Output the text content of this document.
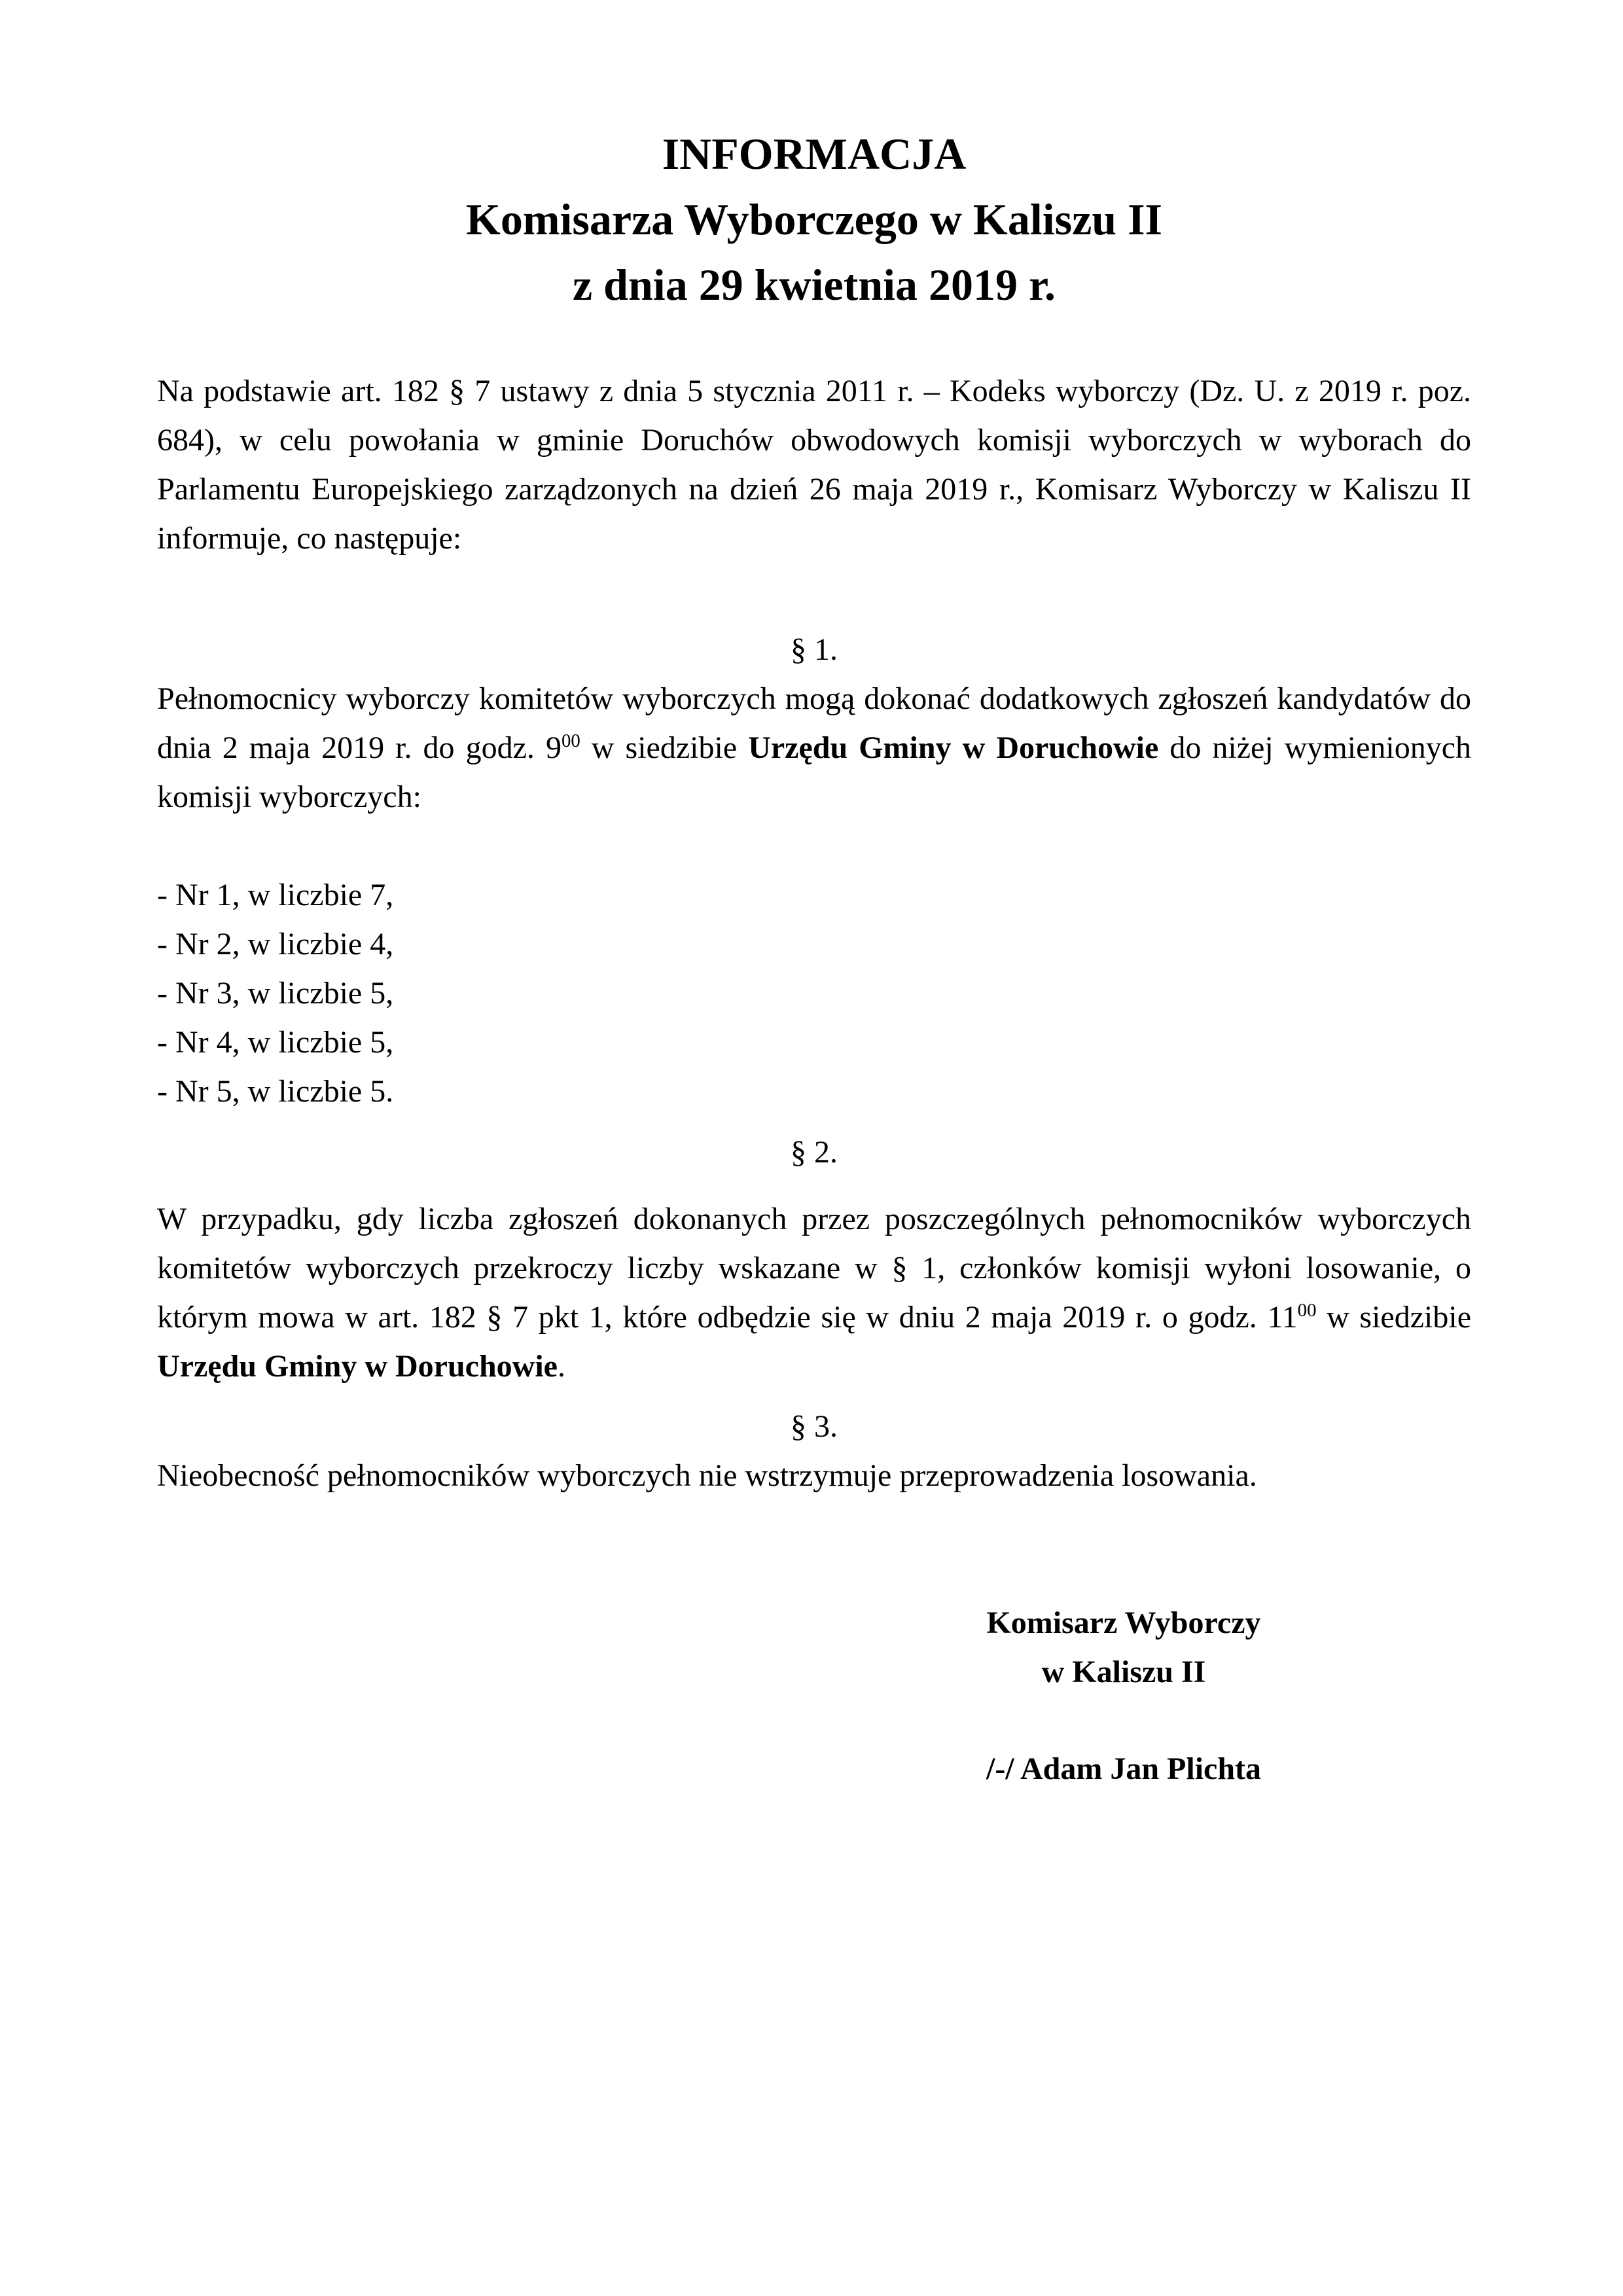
INFORMACJA
Komisarza Wyborczego w Kaliszu II
z dnia 29 kwietnia 2019 r.

Na podstawie art. 182 § 7 ustawy z dnia 5 stycznia 2011 r. – Kodeks wyborczy (Dz. U. z 2019 r. poz. 684), w celu powołania w gminie Doruchów obwodowych komisji wyborczych w wyborach do Parlamentu Europejskiego zarządzonych na dzień 26 maja 2019 r., Komisarz Wyborczy w Kaliszu II informuje, co następuje:

§ 1.

Pełnomocnicy wyborczy komitetów wyborczych mogą dokonać dodatkowych zgłoszeń kandydatów do dnia 2 maja 2019 r. do godz. $9^{00}$ w siedzibie Urzędu Gminy w Doruchowie do niżej wymienionych komisji wyborczych:

- Nr 1, w liczbie 7,
- Nr 2, w liczbie 4,
- Nr 3, w liczbie 5,
- Nr 4, w liczbie 5,
- Nr 5, w liczbie 5.
§ 2.

W przypadku, gdy liczba zgłoszeń dokonanych przez poszczególnych pełnomocników wyborczych komitetów wyborczych przekroczy liczby wskazane w § 1, członków komisji wyłoni losowanie, o którym mowa w art. 182 § 7 pkt 1, które odbędzie się w dniu 2 maja 2019 r. o godz. $11^{00}$ w siedzibie Urzędu Gminy w Doruchowie.

§ 3.

Nieobecność pełnomocników wyborczych nie wstrzymuje przeprowadzenia losowania.

Komisarz Wyborczy
w Kaliszu II
/-/ Adam Jan Plichta
